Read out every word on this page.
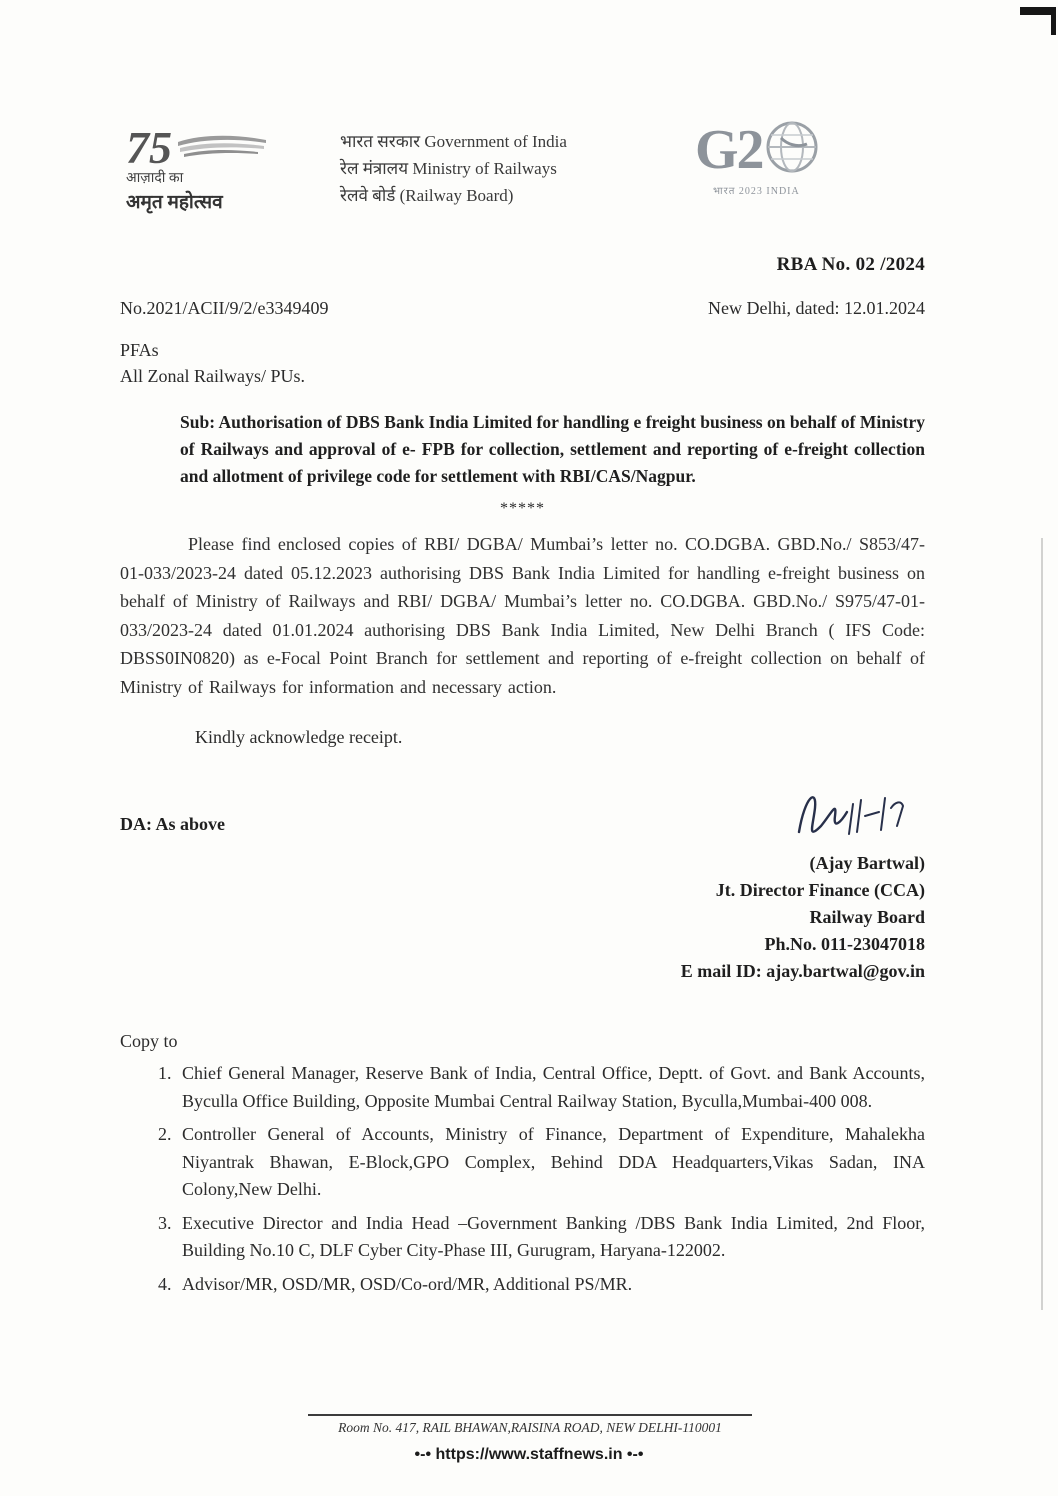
75
आज़ादी का
अमृत महोत्सव
भारत सरकार Government of India
रेल मंत्रालय Ministry of Railways
रेलवे बोर्ड (Railway Board)
G2
भारत 2023 INDIA
RBA No. 02 /2024
No.2021/ACII/9/2/e3349409	New Delhi, dated: 12.01.2024
PFAs
All Zonal Railways/ PUs.
Sub: Authorisation of DBS Bank India Limited for handling e freight business on behalf of Ministry of Railways and approval of e- FPB for collection, settlement and reporting of e-freight collection and allotment of privilege code for settlement with RBI/CAS/Nagpur.
*****
Please find enclosed copies of RBI/ DGBA/ Mumbai’s letter no. CO.DGBA. GBD.No./ S853/47-01-033/2023-24 dated 05.12.2023 authorising DBS Bank India Limited for handling e-freight business on behalf of Ministry of Railways and RBI/ DGBA/ Mumbai’s letter no. CO.DGBA. GBD.No./ S975/47-01-033/2023-24 dated 01.01.2024 authorising DBS Bank India Limited, New Delhi Branch ( IFS Code: DBSS0IN0820) as e-Focal Point Branch for settlement and reporting of e-freight collection on behalf of Ministry of Railways for information and necessary action.
Kindly acknowledge receipt.
DA: As above
(Ajay Bartwal)
Jt. Director Finance (CCA)
Railway Board
Ph.No. 011-23047018
E mail ID: ajay.bartwal@gov.in
Copy to
1. Chief General Manager, Reserve Bank of India, Central Office, Deptt. of Govt. and Bank Accounts, Byculla Office Building, Opposite Mumbai Central Railway Station, Byculla,Mumbai-400 008.
2. Controller General of Accounts, Ministry of Finance, Department of Expenditure, Mahalekha Niyantrak Bhawan, E-Block,GPO Complex, Behind DDA Headquarters,Vikas Sadan, INA Colony,New Delhi.
3. Executive Director and India Head –Government Banking /DBS Bank India Limited, 2nd Floor, Building No.10 C, DLF Cyber City-Phase III, Gurugram, Haryana-122002.
4. Advisor/MR, OSD/MR, OSD/Co-ord/MR, Additional PS/MR.
Room No. 417, RAIL BHAWAN,RAISINA ROAD, NEW DELHI-110001
•-• https://www.staffnews.in •-•
